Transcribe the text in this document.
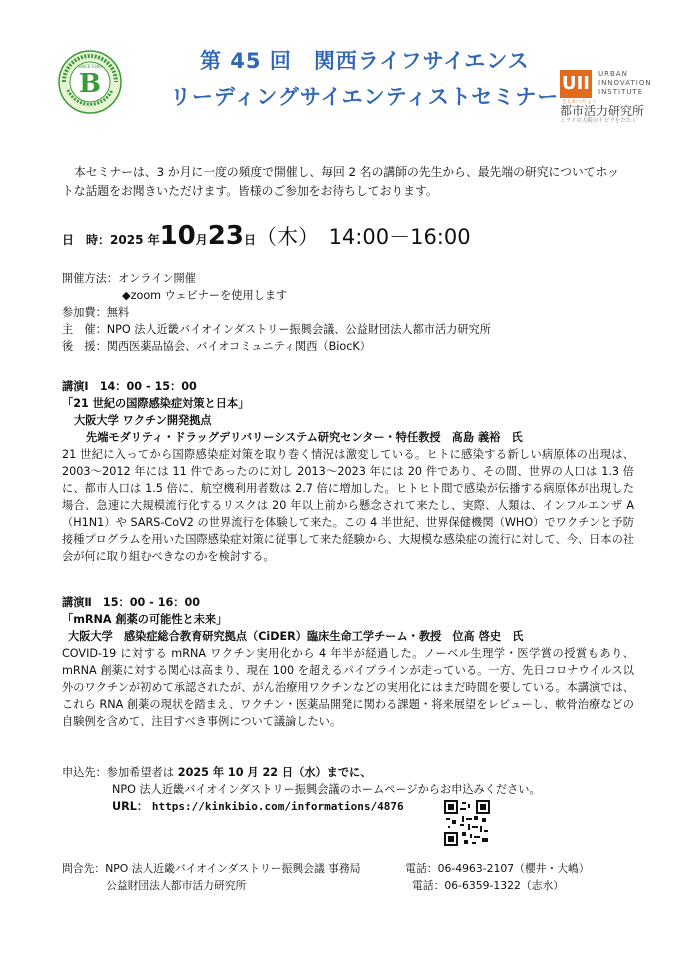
B
SINCE 1985	第 45 回　関西ライフサイエンス
リーディングサイエンティストセミナー
UII URBAN
INNOVATION
INSTITUTE
としかつりょく
都市活力研究所
ミライの大阪のトビラをたたく
本セミナーは、3 か月に一度の頻度で開催し、毎回 2 名の講師の先生から、最先端の研究についてホットな話題をお聞きいただけます。皆様のご参加をお待ちしております。
日　時：2025 年10月23日（木） 14:00－16:00
開催方法： オンライン開催
◆zoom ウェビナーを使用します
参加費： 無料
主　催： NPO 法人近畿バイオインダストリー振興会議、公益財団法人都市活力研究所
後　援： 関西医薬品協会、バイオコミュニティ関西（BiocK）
講演Ⅰ　14：00 - 15：00
「21 世紀の国際感染症対策と日本」
大阪大学 ワクチン開発拠点
先端モダリティ・ドラッグデリバリーシステム研究センター・特任教授　髙島 義裕　氏
21 世紀に入ってから国際感染症対策を取り巻く情況は激変している。ヒトに感染する新しい病原体の出現は、2003～2012 年には 11 件であったのに対し 2013～2023 年には 20 件であり、その間、世界の人口は 1.3 倍に、都市人口は 1.5 倍に、航空機利用者数は 2.7 倍に増加した。ヒトヒト間で感染が伝播する病原体が出現した場合、急速に大規模流行化するリスクは 20 年以上前から懸念されて来たし、実際、人類は、インフルエンザ A（H1N1）や SARS-CoV2 の世界流行を体験して来た。この 4 半世紀、世界保健機関（WHO）でワクチンと予防接種プログラムを用いた国際感染症対策に従事して来た経験から、大規模な感染症の流行に対して、今、日本の社会が何に取り組むべきなのかを検討する。
講演Ⅱ　15：00 - 16：00
「mRNA 創薬の可能性と未来」
大阪大学　感染症総合教育研究拠点（CiDER）臨床生命工学チーム・教授　位髙 啓史　氏
COVID-19 に対する mRNA ワクチン実用化から 4 年半が経過した。ノーベル生理学・医学賞の授賞もあり、mRNA 創薬に対する関心は高まり、現在 100 を超えるパイプラインが走っている。一方、先日コロナウイルス以外のワクチンが初めて承認されたが、がん治療用ワクチンなどの実用化にはまだ時間を要している。本講演では、これら RNA 創薬の現状を踏まえ、ワクチン・医薬品開発に関わる課題・将来展望をレビューし、軟骨治療などの自験例を含めて、注目すべき事例について議論したい。
申込先：参加希望者は 2025 年 10 月 22 日（水）までに、
NPO 法人近畿バイオインダストリー振興会議のホームページからお申込みください。
URL： https://kinkibio.com/informations/4876
問合先： NPO 法人近畿バイオインダストリー振興会議 事務局	電話：06-4963-2107（櫻井・大嶋）
公益財団法人都市活力研究所	電話：06-6359-1322（志水）
